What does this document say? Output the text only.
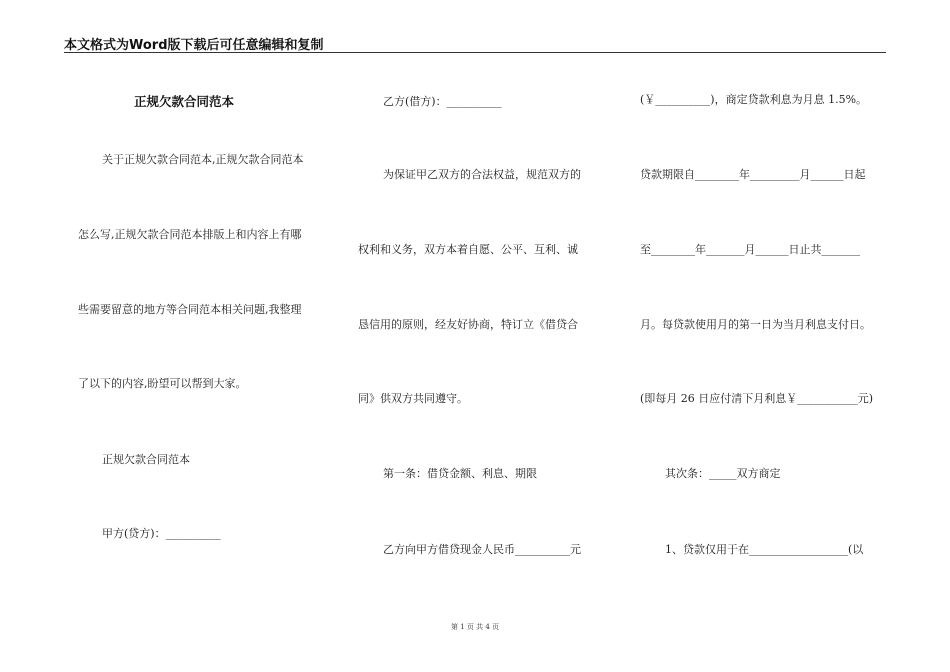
本文格式为Word版下载后可任意编辑和复制
正规欠款合同范本
关于正规欠款合同范本,正规欠款合同范本
怎么写,正规欠款合同范本排版上和内容上有哪
些需要留意的地方等合同范本相关问题,我整理
了以下的内容,盼望可以帮到大家。
正规欠款合同范本
甲方(贷方)：__________
乙方(借方)：__________
为保证甲乙双方的合法权益，规范双方的
权利和义务，双方本着自愿、公平、互利、诚
恳信用的原则，经友好协商，特订立《借贷合
同》供双方共同遵守。
第一条：借贷金额、利息、期限
乙方向甲方借贷现金人民币__________元
(￥__________)，商定贷款利息为月息 1.5%。
贷款期限自________年_________月______日起
至________年_______月______日止共_______
月。每贷款使用月的第一日为当月利息支付日。
(即每月 26 日应付清下月利息￥___________元)
其次条：_____双方商定
1、贷款仅用于在__________________(以
第 1 页 共 4 页
